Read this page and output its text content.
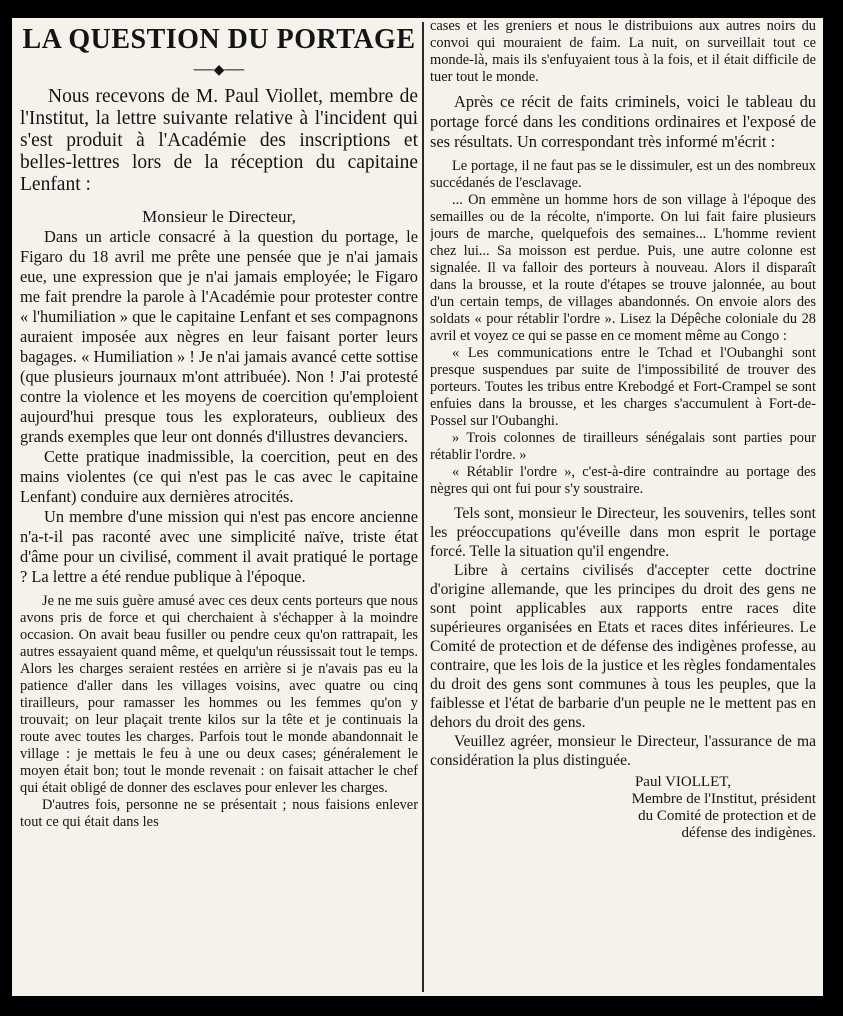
LA QUESTION DU PORTAGE
──◆──

Nous recevons de M. Paul Viollet, membre de l'Institut, la lettre suivante relative à l'incident qui s'est produit à l'Académie des inscriptions et belles-lettres lors de la réception du capitaine Lenfant :

Monsieur le Directeur,

Dans un article consacré à la question du portage, le Figaro du 18 avril me prête une pensée que je n'ai jamais eue, une expression que je n'ai jamais employée; le Figaro me fait prendre la parole à l'Académie pour protester contre « l'humiliation » que le capitaine Lenfant et ses compagnons auraient imposée aux nègres en leur faisant porter leurs bagages. « Humiliation » ! Je n'ai jamais avancé cette sottise (que plusieurs journaux m'ont attribuée). Non ! J'ai protesté contre la violence et les moyens de coercition qu'emploient aujourd'hui presque tous les explorateurs, oublieux des grands exemples que leur ont donnés d'illustres devanciers.

Cette pratique inadmissible, la coercition, peut en des mains violentes (ce qui n'est pas le cas avec le capitaine Lenfant) conduire aux dernières atrocités.

Un membre d'une mission qui n'est pas encore ancienne n'a-t-il pas raconté avec une simplicité naïve, triste état d'âme pour un civilisé, comment il avait pratiqué le portage ? La lettre a été rendue publique à l'époque.

Je ne me suis guère amusé avec ces deux cents porteurs que nous avons pris de force et qui cherchaient à s'échapper à la moindre occasion. On avait beau fusiller ou pendre ceux qu'on rattrapait, les autres essayaient quand même, et quelqu'un réussissait tout le temps. Alors les charges seraient restées en arrière si je n'avais pas eu la patience d'aller dans les villages voisins, avec quatre ou cinq tirailleurs, pour ramasser les hommes ou les femmes qu'on y trouvait; on leur plaçait trente kilos sur la tête et je continuais la route avec toutes les charges. Parfois tout le monde abandonnait le village : je mettais le feu à une ou deux cases; généralement le moyen était bon; tout le monde revenait : on faisait attacher le chef qui était obligé de donner des esclaves pour enlever les charges.

D'autres fois, personne ne se présentait ; nous faisions enlever tout ce qui était dans les

cases et les greniers et nous le distribuions aux autres noirs du convoi qui mouraient de faim. La nuit, on surveillait tout ce monde-là, mais ils s'enfuyaient tous à la fois, et il était difficile de tuer tout le monde.

Après ce récit de faits criminels, voici le tableau du portage forcé dans les conditions ordinaires et l'exposé de ses résultats. Un correspondant très informé m'écrit :

Le portage, il ne faut pas se le dissimuler, est un des nombreux succédanés de l'esclavage.

... On emmène un homme hors de son village à l'époque des semailles ou de la récolte, n'importe. On lui fait faire plusieurs jours de marche, quelquefois des semaines... L'homme revient chez lui... Sa moisson est perdue. Puis, une autre colonne est signalée. Il va falloir des porteurs à nouveau. Alors il disparaît dans la brousse, et la route d'étapes se trouve jalonnée, au bout d'un certain temps, de villages abandonnés. On envoie alors des soldats « pour rétablir l'ordre ». Lisez la Dépêche coloniale du 28 avril et voyez ce qui se passe en ce moment même au Congo :

« Les communications entre le Tchad et l'Oubanghi sont presque suspendues par suite de l'impossibilité de trouver des porteurs. Toutes les tribus entre Krebodgé et Fort-Crampel se sont enfuies dans la brousse, et les charges s'accumulent à Fort-de-Possel sur l'Oubanghi.

» Trois colonnes de tirailleurs sénégalais sont parties pour rétablir l'ordre. »

« Rétablir l'ordre », c'est-à-dire contraindre au portage des nègres qui ont fui pour s'y soustraire.

Tels sont, monsieur le Directeur, les souvenirs, telles sont les préoccupations qu'éveille dans mon esprit le portage forcé. Telle la situation qu'il engendre.

Libre à certains civilisés d'accepter cette doctrine d'origine allemande, que les principes du droit des gens ne sont point applicables aux rapports entre races dite supérieures organisées en Etats et races dites inférieures. Le Comité de protection et de défense des indigènes professe, au contraire, que les lois de la justice et les règles fondamentales du droit des gens sont communes à tous les peuples, que la faiblesse et l'état de barbarie d'un peuple ne le mettent pas en dehors du droit des gens.

Veuillez agréer, monsieur le Directeur, l'assurance de ma considération la plus distinguée.

Paul VIOLLET,
Membre de l'Institut, président
du Comité de protection et de
défense des indigènes.
